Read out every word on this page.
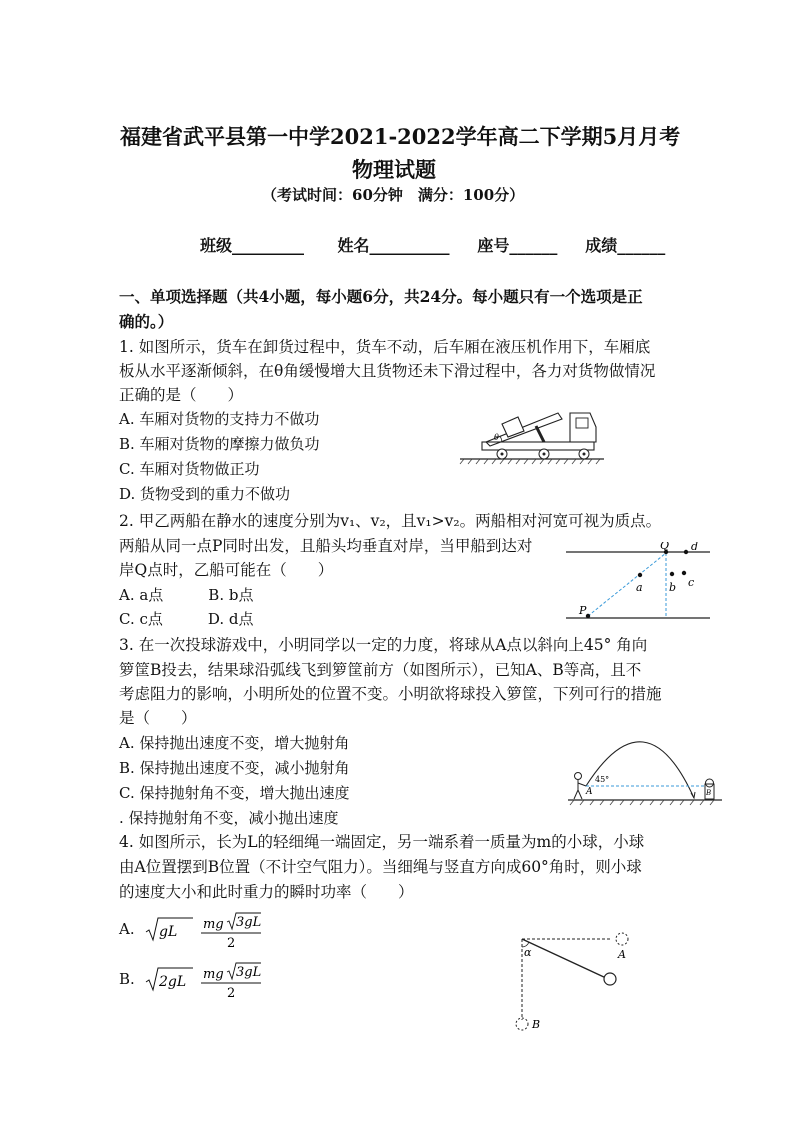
福建省武平县第一中学2021-2022学年高二下学期5月月考
物理试题
（考试时间：60分钟　满分：100分）
班级_________ 姓名__________ 座号______ 成绩______
一、单项选择题（共4小题，每小题6分，共24分。每小题只有一个选项是正
确的。）
1. 如图所示，货车在卸货过程中，货车不动，后车厢在液压机作用下，车厢底
板从水平逐渐倾斜，在θ角缓慢增大且货物还未下滑过程中，各力对货物做情况
正确的是（　　）
A. 车厢对货物的支持力不做功
B. 车厢对货物的摩擦力做负功
C. 车厢对货物做正功
D. 货物受到的重力不做功
θ
2. 甲乙两船在静水的速度分别为v₁、v₂，且v₁>v₂。两船相对河宽可视为质点。
两船从同一点P同时出发，且船头均垂直对岸，当甲船到达对
岸Q点时，乙船可能在（　　）
A. a点　　　B. b点
C. c点　　　D. d点	P
Q d
a b c
3. 在一次投球游戏中，小明同学以一定的力度，将球从A点以斜向上45° 角向
箩筐B投去，结果球沿弧线飞到箩筐前方（如图所示），已知A、B等高，且不
考虑阻力的影响，小明所处的位置不变。小明欲将球投入箩筐，下列可行的措施
是（　　）
A. 保持抛出速度不变，增大抛射角
B. 保持抛出速度不变，减小抛射角
C. 保持抛射角不变，增大抛出速度
. 保持抛射角不变，减小抛出速度
45°
A	B
4. 如图所示，长为L的轻细绳一端固定，另一端系着一质量为m的小球，小球
由A位置摆到B位置（不计空气阻力）。当细绳与竖直方向成60°角时，则小球
的速度大小和此时重力的瞬时功率（　　）
A. gL mg 3gL
2
B. 2gL mg 3gL
2
α	A
B
